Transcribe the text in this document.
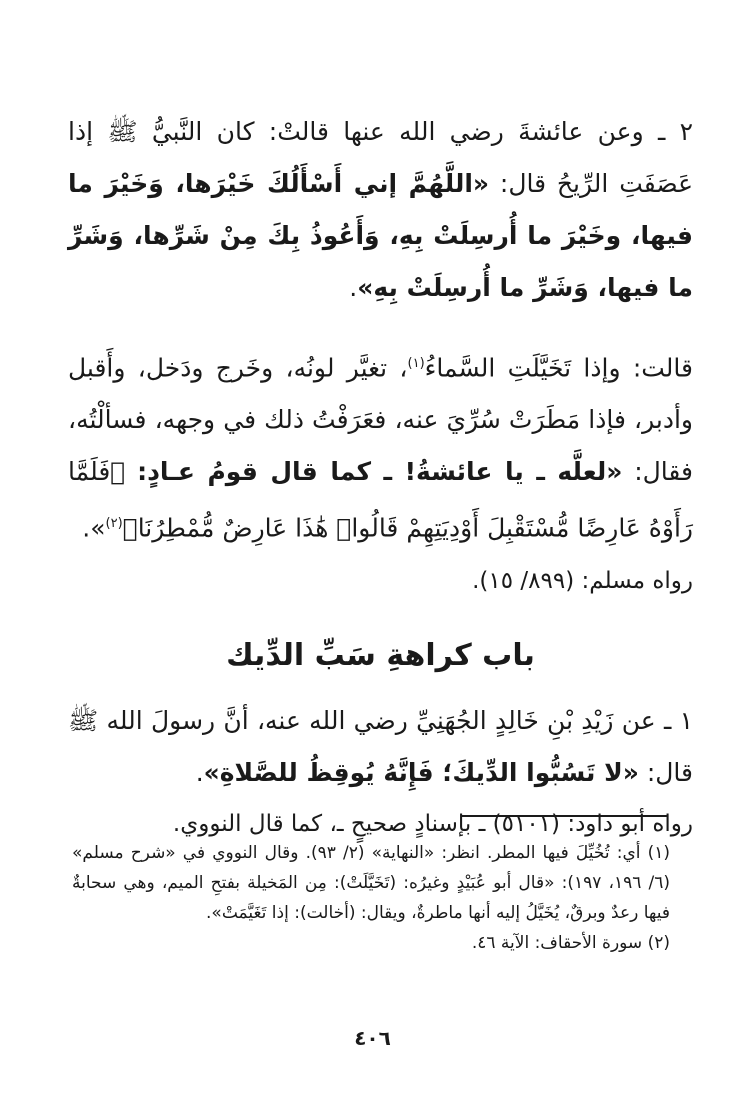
٢ ـ وعن عائشةَ رضي الله عنها قالتْ: كان النَّبيُّ ﷺ إذا عَصَفَتِ الرِّيحُ قال: «اللَّهُمَّ إني أَسْأَلُكَ خَيْرَها، وَخَيْرَ ما فيها، وخَيْرَ ما أُرسِلَتْ بِهِ، وَأَعُوذُ بِكَ مِنْ شَرِّها، وَشَرِّ ما فيها، وَشَرِّ ما أُرسِلَتْ بِهِ».

قالت: وإذا تَخَيَّلَتِ السَّماءُ$^{(١)}$، تغيَّر لونُه، وخَرج ودَخل، وأَقبل وأدبر، فإذا مَطَرَتْ سُرِّيَ عنه، فعَرَفْتُ ذلك في وجهه، فسألْتُه، فقال: «لعلَّه ـ يا عائشةُ! ـ كما قال قومُ عـادٍ: ﴿فَلَمَّا رَأَوْهُ عَارِضًا مُّسْتَقْبِلَ أَوْدِيَتِهِمْ قَالُوا۟ هَٰذَا عَارِضٌ مُّمْطِرُنَا﴾$^{(٢)}$».

رواه مسلم: (٨٩٩/ ١٥).
باب كراهةِ سَبِّ الدِّيك

١ ـ عن زَيْدِ بْنِ خَالِدٍ الجُهَنِيِّ رضي الله عنه، أنَّ رسولَ الله ﷺ قال: «لا تَسُبُّوا الدِّيكَ؛ فَإِنَّهُ يُوقِظُ للصَّلاةِ».

رواه أبو داود: (٥١٠١) ـ بإسنادٍ صحيحٍ ـ، كما قال النووي.

(١) أي: تُخُيِّلَ فيها المطر. انظر: «النهاية» (٢/ ٩٣). وقال النووي في «شرح مسلم» (٦/ ١٩٦، ١٩٧): «قال أبو عُبَيْدٍ وغيرُه: (تَخَيَّلَتْ): مِن المَخيلة بفتحِ الميم، وهي سحابةٌ فيها رعدٌ وبرقٌ، يُخَيَّلُ إليه أنها ماطرةٌ، ويقال: (أخالت): إذا تَغَيَّمَتْ».

(٢) سورة الأحقاف: الآية ٤٦.

٤٠٦
